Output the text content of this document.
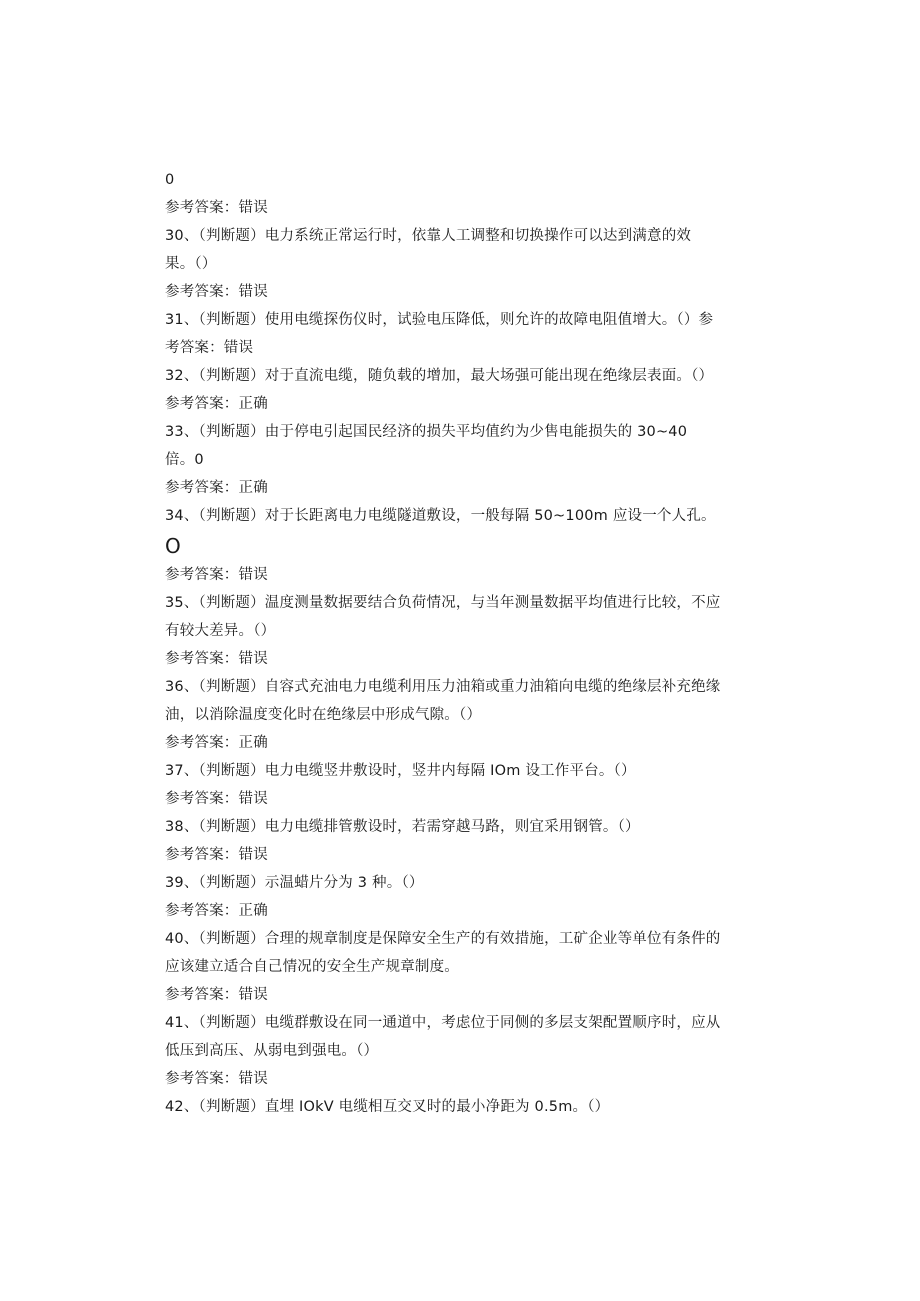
0
参考答案：错误
30、（判断题）电力系统正常运行时，依靠人工调整和切换操作可以达到满意的效
果。（）
参考答案：错误
31、（判断题）使用电缆探伤仪时，试验电压降低，则允许的故障电阻值增大。（）参
考答案：错误
32、（判断题）对于直流电缆，随负载的增加，最大场强可能出现在绝缘层表面。（）
参考答案：正确
33、（判断题）由于停电引起国民经济的损失平均值约为少售电能损失的 30~40
倍。0
参考答案：正确
34、（判断题）对于长距离电力电缆隧道敷设，一般每隔 50~100m 应设一个人孔。
O
参考答案：错误
35、（判断题）温度测量数据要结合负荷情况，与当年测量数据平均值进行比较，不应
有较大差异。（）
参考答案：错误
36、（判断题）自容式充油电力电缆利用压力油箱或重力油箱向电缆的绝缘层补充绝缘
油，以消除温度变化时在绝缘层中形成气隙。（）
参考答案：正确
37、（判断题）电力电缆竖井敷设时，竖井内每隔 IOm 设工作平台。（）
参考答案：错误
38、（判断题）电力电缆排管敷设时，若需穿越马路，则宜采用钢管。（）
参考答案：错误
39、（判断题）示温蜡片分为 3 种。（）
参考答案：正确
40、（判断题）合理的规章制度是保障安全生产的有效措施，工矿企业等单位有条件的
应该建立适合自己情况的安全生产规章制度。
参考答案：错误
41、（判断题）电缆群敷设在同一通道中，考虑位于同侧的多层支架配置顺序时，应从
低压到高压、从弱电到强电。（）
参考答案：错误
42、（判断题）直埋 IOkV 电缆相互交叉时的最小净距为 0.5m。（）
